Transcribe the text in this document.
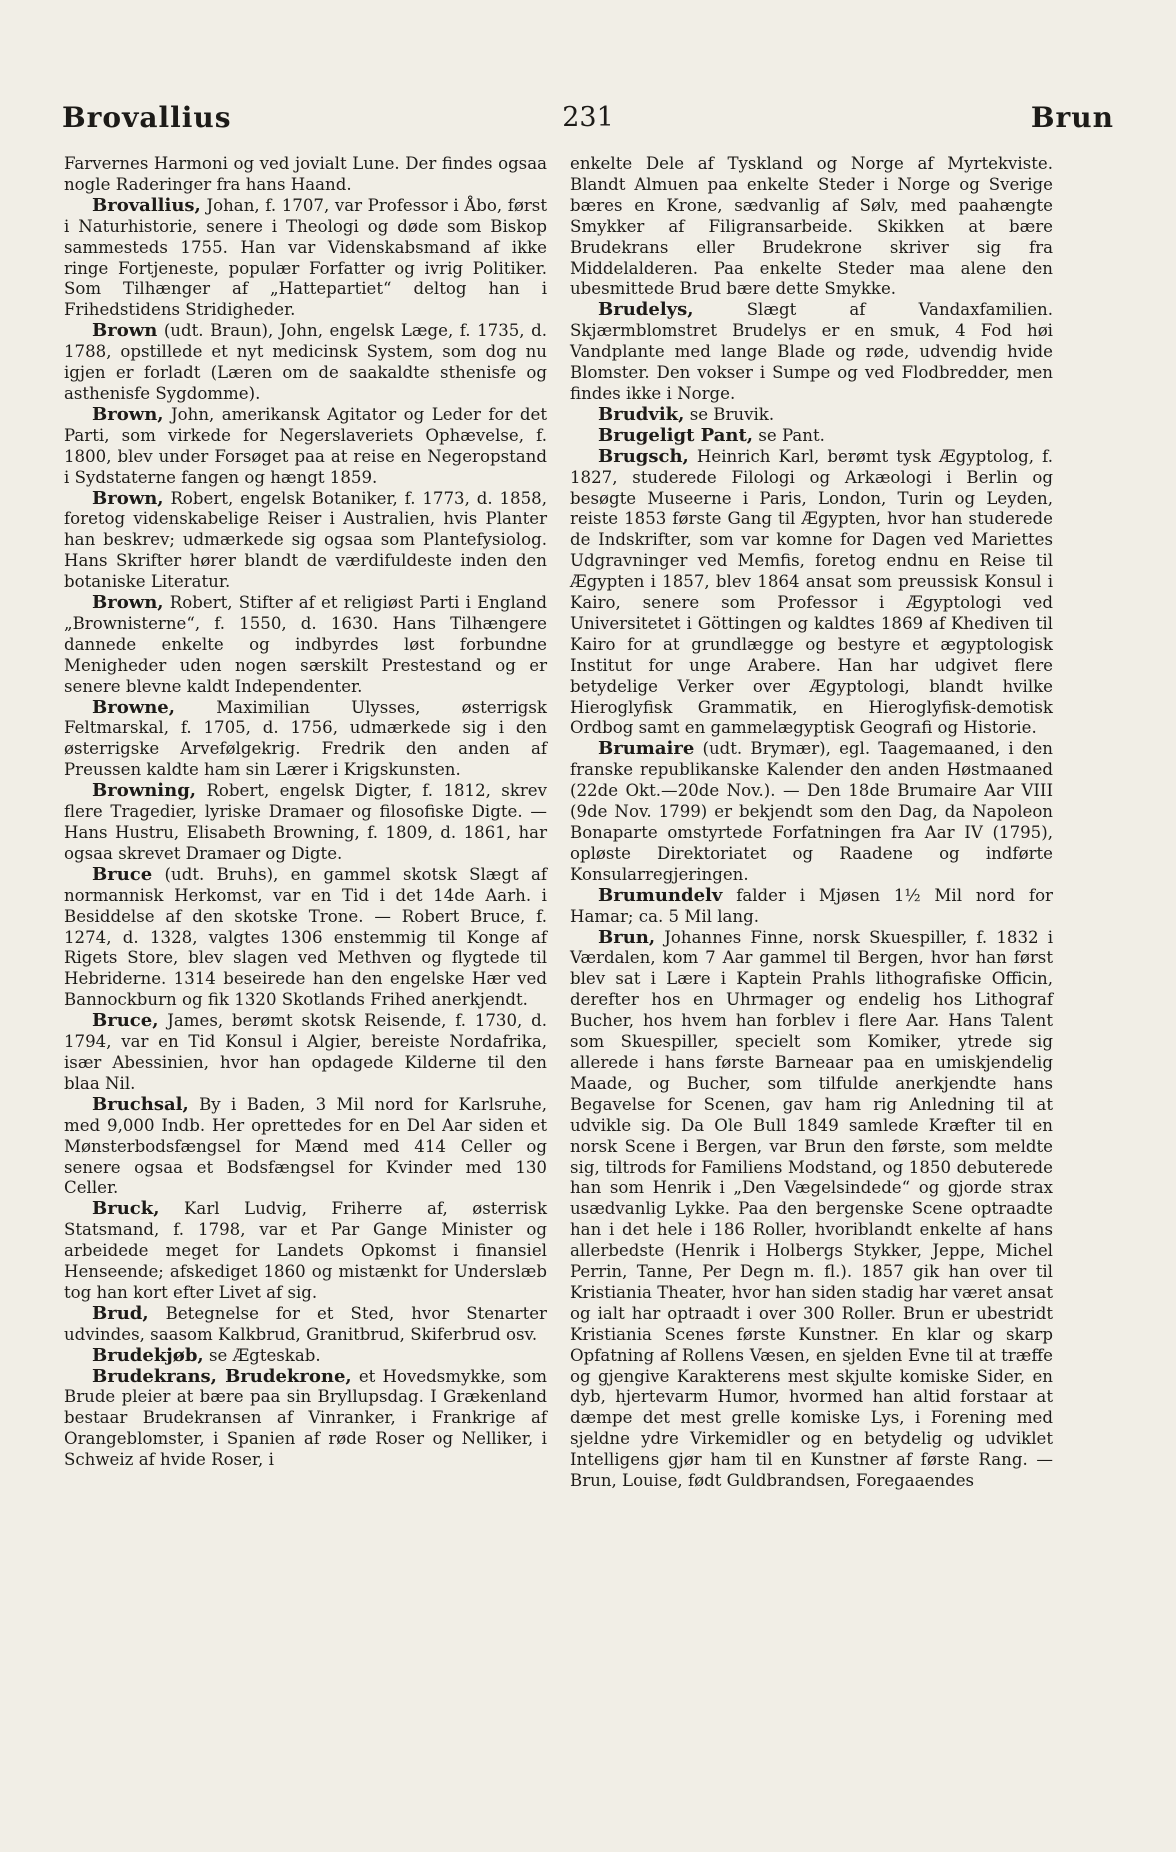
Brovallius	231	Brun

Farvernes Harmoni og ved jovialt Lune. Der findes ogsaa nogle Raderinger fra hans Haand.

Brovallius, Johan, f. 1707, var Professor i Åbo, først i Naturhistorie, senere i Theologi og døde som Biskop sammesteds 1755. Han var Videnskabsmand af ikke ringe Fortjeneste, populær Forfatter og ivrig Politiker. Som Tilhænger af „Hattepartiet“ deltog han i Frihedstidens Stridigheder.

Brown (udt. Braun), John, engelsk Læge, f. 1735, d. 1788, opstillede et nyt medicinsk System, som dog nu igjen er forladt (Læren om de saakaldte sthenisfe og asthenisfe Sygdomme).

Brown, John, amerikansk Agitator og Leder for det Parti, som virkede for Negerslaveriets Ophævelse, f. 1800, blev under Forsøget paa at reise en Negeropstand i Sydstaterne fangen og hængt 1859.

Brown, Robert, engelsk Botaniker, f. 1773, d. 1858, foretog videnskabelige Reiser i Australien, hvis Planter han beskrev; udmærkede sig ogsaa som Plantefysiolog. Hans Skrifter hører blandt de værdifuldeste inden den botaniske Literatur.

Brown, Robert, Stifter af et religiøst Parti i England „Brownisterne“, f. 1550, d. 1630. Hans Tilhængere dannede enkelte og indbyrdes løst forbundne Menigheder uden nogen særskilt Prestestand og er senere blevne kaldt Independenter.

Browne, Maximilian Ulysses, østerrigsk Feltmarskal, f. 1705, d. 1756, udmærkede sig i den østerrigske Arvefølgekrig. Fredrik den anden af Preussen kaldte ham sin Lærer i Krigskunsten.

Browning, Robert, engelsk Digter, f. 1812, skrev flere Tragedier, lyriske Dramaer og filosofiske Digte. — Hans Hustru, Elisabeth Browning, f. 1809, d. 1861, har ogsaa skrevet Dramaer og Digte.

Bruce (udt. Bruhs), en gammel skotsk Slægt af normannisk Herkomst, var en Tid i det 14de Aarh. i Besiddelse af den skotske Trone. — Robert Bruce, f. 1274, d. 1328, valgtes 1306 enstemmig til Konge af Rigets Store, blev slagen ved Methven og flygtede til Hebriderne. 1314 beseirede han den engelske Hær ved Bannockburn og fik 1320 Skotlands Frihed anerkjendt.

Bruce, James, berømt skotsk Reisende, f. 1730, d. 1794, var en Tid Konsul i Algier, bereiste Nordafrika, især Abessinien, hvor han opdagede Kilderne til den blaa Nil.

Bruchsal, By i Baden, 3 Mil nord for Karlsruhe, med 9,000 Indb. Her oprettedes for en Del Aar siden et Mønsterbodsfængsel for Mænd med 414 Celler og senere ogsaa et Bodsfængsel for Kvinder med 130 Celler.

Bruck, Karl Ludvig, Friherre af, østerrisk Statsmand, f. 1798, var et Par Gange Minister og arbeidede meget for Landets Opkomst i finansiel Henseende; afskediget 1860 og mistænkt for Underslæb tog han kort efter Livet af sig.

Brud, Betegnelse for et Sted, hvor Stenarter udvindes, saasom Kalkbrud, Granitbrud, Skiferbrud osv.

Brudekjøb, se Ægteskab.

Brudekrans, Brudekrone, et Hovedsmykke, som Brude pleier at bære paa sin Bryllupsdag. I Grækenland bestaar Brudekransen af Vinranker, i Frankrige af Orangeblomster, i Spanien af røde Roser og Nelliker, i Schweiz af hvide Roser, i

enkelte Dele af Tyskland og Norge af Myrtekviste. Blandt Almuen paa enkelte Steder i Norge og Sverige bæres en Krone, sædvanlig af Sølv, med paahængte Smykker af Filigransarbeide. Skikken at bære Brudekrans eller Brudekrone skriver sig fra Middelalderen. Paa enkelte Steder maa alene den ubesmittede Brud bære dette Smykke.

Brudelys,	Slægt af Vandaxfamilien. Skjærmblomstret Brudelys er en smuk, 4 Fod høi Vandplante med lange Blade og røde, udvendig hvide Blomster. Den vokser i Sumpe og ved Flodbredder, men findes ikke i Norge.

Brudvik, se Bruvik.

Brugeligt Pant, se Pant.

Brugsch, Heinrich Karl, berømt tysk Ægyptolog, f. 1827, studerede Filologi og Arkæologi i Berlin og besøgte Museerne i Paris, London, Turin og Leyden, reiste 1853 første Gang til Ægypten, hvor han studerede de Indskrifter, som var komne for Dagen ved Mariettes Udgravninger ved Memfis, foretog endnu en Reise til Ægypten i 1857, blev 1864 ansat som preussisk Konsul i Kairo, senere som Professor i Ægyptologi ved Universitetet i Göttingen og kaldtes 1869 af Khediven til Kairo for at grundlægge og bestyre et ægyptologisk Institut for unge Arabere. Han har udgivet flere betydelige Verker over Ægyptologi, blandt hvilke Hieroglyfisk Grammatik, en Hieroglyfisk-demotisk Ordbog samt en gammelægyptisk Geografi og Historie.

Brumaire (udt. Brymær), egl. Taagemaaned, i den franske republikanske Kalender den anden Høstmaaned (22de Okt.—20de Nov.). — Den 18de Brumaire Aar VIII (9de Nov. 1799) er bekjendt som den Dag, da Napoleon Bonaparte omstyrtede Forfatningen fra Aar IV (1795), opløste Direktoriatet og Raadene og indførte Konsularregjeringen.

Brumundelv falder i Mjøsen 1½ Mil nord for Hamar; ca. 5 Mil lang.

Brun, Johannes Finne, norsk Skuespiller, f. 1832 i Værdalen, kom 7 Aar gammel til Bergen, hvor han først blev sat i Lære i Kaptein Prahls lithografiske Officin, derefter hos en Uhrmager og endelig hos Lithograf Bucher, hos hvem han forblev i flere Aar. Hans Talent som Skuespiller, specielt som Komiker, ytrede sig allerede i hans første Barneaar paa en umiskjendelig Maade, og Bucher, som tilfulde anerkjendte hans Begavelse for Scenen, gav ham rig Anledning til at udvikle sig. Da Ole Bull 1849 samlede Kræfter til en norsk Scene i Bergen, var Brun den første, som meldte sig, tiltrods for Familiens Modstand, og 1850 debuterede han som Henrik i „Den Vægelsindede“ og gjorde strax usædvanlig Lykke. Paa den bergenske Scene optraadte han i det hele i 186 Roller, hvoriblandt enkelte af hans allerbedste (Henrik i Holbergs Stykker, Jeppe, Michel Perrin, Tanne, Per Degn m. fl.). 1857 gik han over til Kristiania Theater, hvor han siden stadig har været ansat og ialt har optraadt i over 300 Roller. Brun er ubestridt Kristiania Scenes første Kunstner. En klar og skarp Opfatning af Rollens Væsen, en sjelden Evne til at træffe og gjengive Karakterens mest skjulte komiske Sider, en dyb, hjertevarm Humor, hvormed han altid forstaar at dæmpe det mest grelle komiske Lys, i Forening med sjeldne ydre Virkemidler og en betydelig og udviklet Intelligens gjør ham til en Kunstner af første Rang. — Brun, Louise, født Guldbrandsen, Foregaaendes
